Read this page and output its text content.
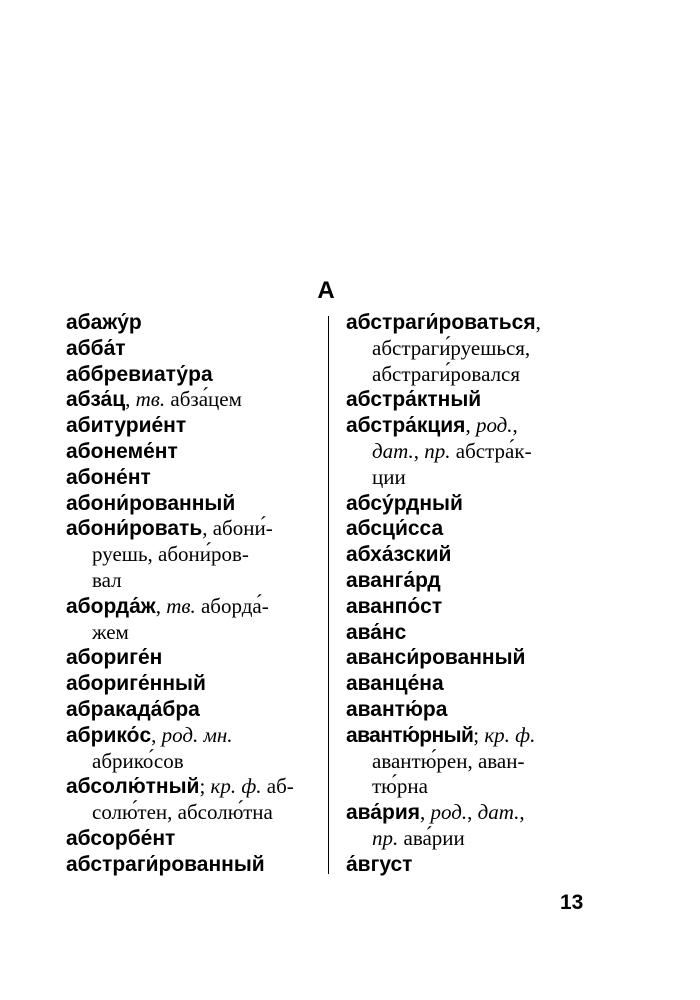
А
абажу́р
абба́т
аббревиату́ра
абза́ц, тв. абза́цем
абитурие́нт
абонеме́нт
абоне́нт
абони́рованный
абони́ровать, абони́-
руешь, абони́ров-
вал
аборда́ж, тв. аборда́-
жем
абориге́н
абориге́нный
абракада́бра
абрико́с, род. мн.
абрико́сов
абсолю́тный; кр. ф. аб-
солю́тен, абсолю́тна
абсорбе́нт
абстраги́рованный
абстраги́роваться,
абстраги́руешься,
абстраги́ровался
абстра́ктный
абстра́кция, род.,
дат., пр. абстра́к-
ции
абсу́рдный
абсци́сса
абха́зский
аванга́рд
аванпо́ст
ава́нс
аванси́рованный
аванце́на
авантю́ра
авантю́рный; кр. ф.
авантю́рен, аван-
тю́рна
ава́рия, род., дат.,
пр. ава́рии
а́вгуст
13
